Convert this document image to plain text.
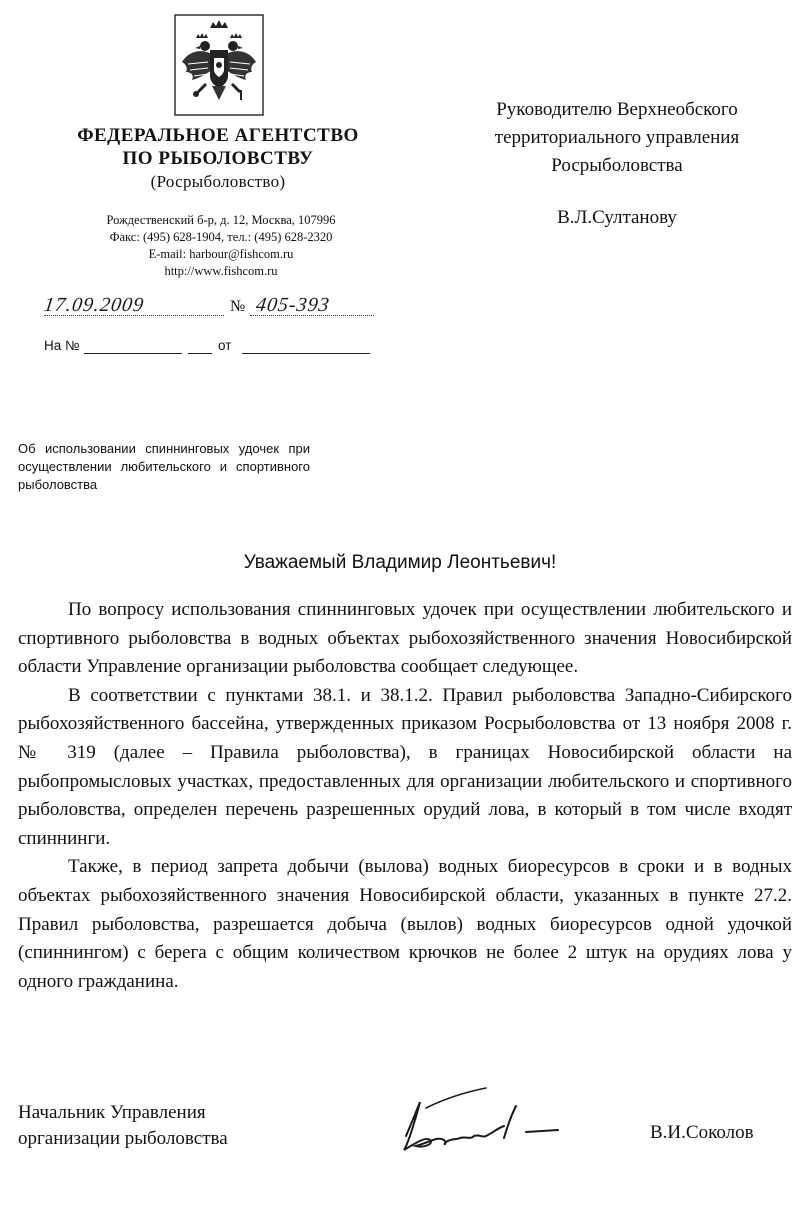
ФЕДЕРАЛЬНОЕ АГЕНТСТВО
ПО РЫБОЛОВСТВУ
(Росрыболовство)
Рождественский б-р, д. 12, Москва, 107996
Факс: (495) 628-1904, тел.: (495) 628-2320
E-mail: harbour@fishcom.ru
http://www.fishcom.ru
17.09.2009	№ 405-393
На №	от
Руководителю Верхнеобского
территориального управления
Росрыболовства
В.Л.Султанову
Об использовании спиннинговых удочек при осуществлении любительского и спортивного рыболовства
Уважаемый Владимир Леонтьевич!

По вопросу использования спиннинговых удочек при осуществлении любительского и спортивного рыболовства в водных объектах рыбохозяйственного значения Новосибирской области Управление организации рыболовства сообщает следующее.

В соответствии с пунктами 38.1. и 38.1.2. Правил рыболовства Западно-Сибирского рыбохозяйственного бассейна, утвержденных приказом Росрыболовства от 13 ноября 2008 г. № 319 (далее – Правила рыболовства), в границах Новосибирской области на рыбопромысловых участках, предоставленных для организации любительского и спортивного рыболовства, определен перечень разрешенных орудий лова, в который в том числе входят спиннинги.

Также, в период запрета добычи (вылова) водных биоресурсов в сроки и в водных объектах рыбохозяйственного значения Новосибирской области, указанных в пункте 27.2. Правил рыболовства, разрешается добыча (вылов) водных биоресурсов одной удочкой (спиннингом) с берега с общим количеством крючков не более 2 штук на орудиях лова у одного гражданина.

Начальник Управления
организации рыболовства	В.И.Соколов
